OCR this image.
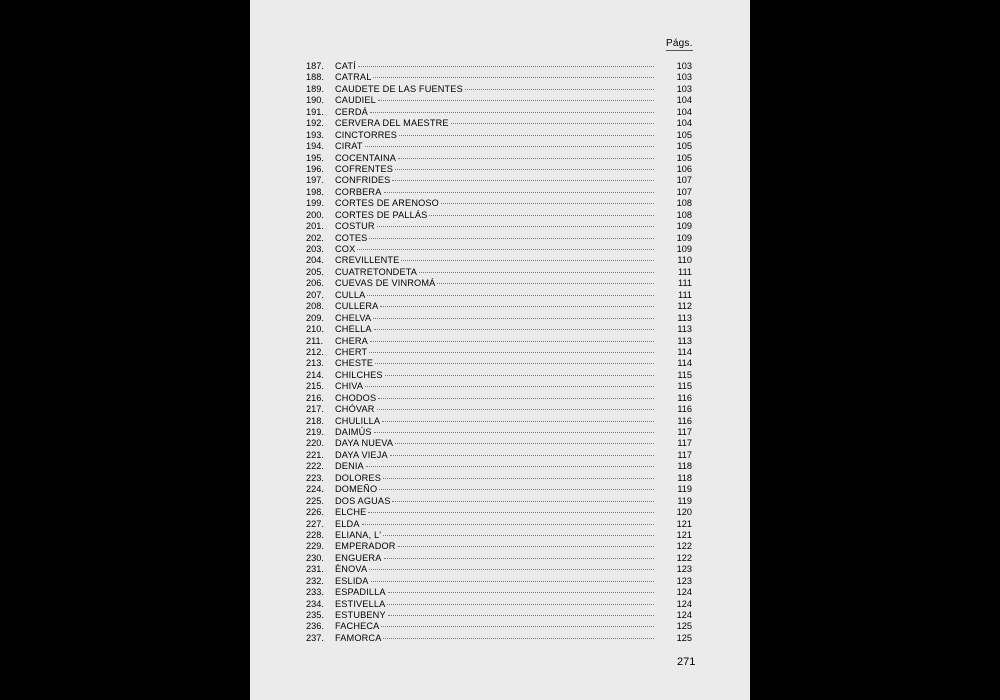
Págs.
187.	CATÍ	103
188.	CATRAL	103
189.	CAUDETE DE LAS FUENTES	103
190.	CAUDIEL	104
191.	CERDÁ	104
192.	CERVERA DEL MAESTRE	104
193.	CINCTORRES	105
194.	CIRAT	105
195.	COCENTAINA	105
196.	COFRENTES	106
197.	CONFRIDES	107
198.	CORBERA	107
199.	CORTES DE ARENOSO	108
200.	CORTES DE PALLÁS	108
201.	COSTUR	109
202.	COTES	109
203.	COX	109
204.	CREVILLENTE	110
205.	CUATRETONDETA	111
206.	CUEVAS DE VINROMÁ	111
207.	CULLA	111
208.	CULLERA	112
209.	CHELVA	113
210.	CHELLA	113
211.	CHERA	113
212.	CHERT	114
213.	CHESTE	114
214.	CHILCHES	115
215.	CHIVA	115
216.	CHODOS	116
217.	CHÓVAR	116
218.	CHULILLA	116
219.	DAIMÚS	117
220.	DAYA NUEVA	117
221.	DAYA VIEJA	117
222.	DENIA	118
223.	DOLORES	118
224.	DOMEÑO	119
225.	DOS AGUAS	119
226.	ELCHE	120
227.	ELDA	121
228.	ELIANA, L'	121
229.	EMPERADOR	122
230.	ENGUERA	122
231.	ÈNOVA	123
232.	ESLIDA	123
233.	ESPADILLA	124
234.	ESTIVELLA	124
235.	ESTUBENY	124
236.	FACHECA	125
237.	FAMORCA	125
271
